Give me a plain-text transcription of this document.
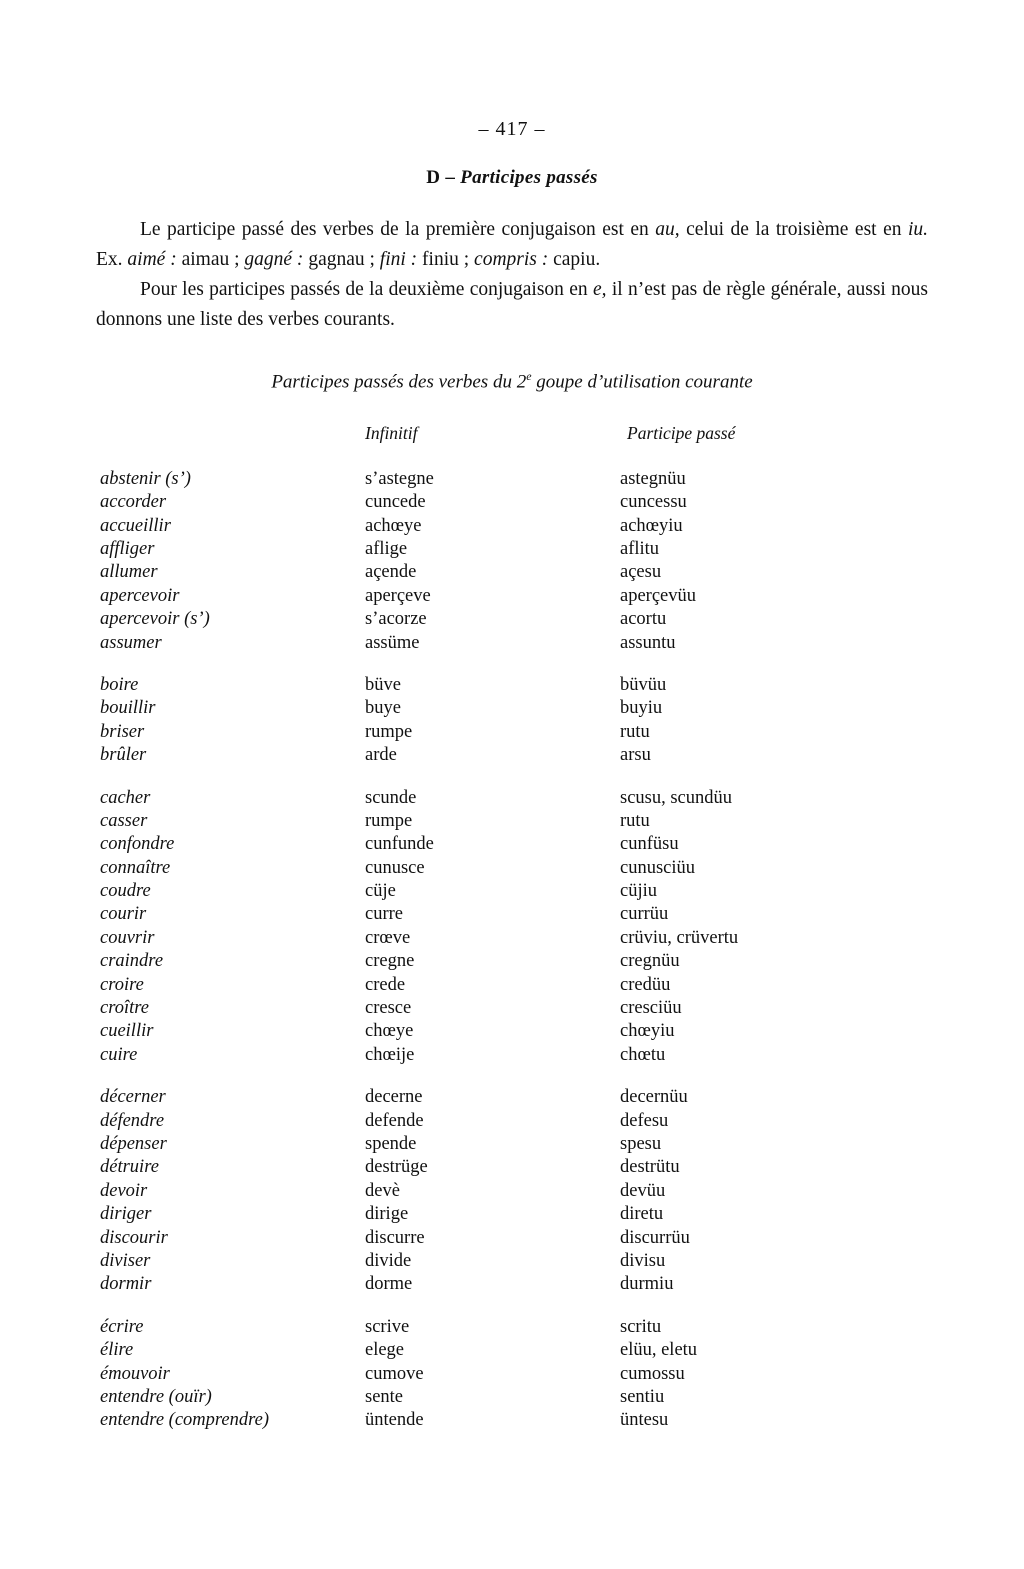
– 417 –
D – Participes passés

Le participe passé des verbes de la première conjugaison est en au, celui de la troisième est en iu. Ex. aimé : aimau ; gagné : gagnau ; fini : finiu ; compris : capiu.

Pour les participes passés de la deuxième conjugaison en e, il n’est pas de règle générale, aussi nous donnons une liste des verbes courants.

Participes passés des verbes du 2e goupe d’utilisation courante
Infinitif	Participe passé
abstenir (s’)	s’astegne	astegnüu
accorder	cuncede	cuncessu
accueillir	achœye	achœyiu
affliger	aflige	aflitu
allumer	açende	açesu
apercevoir	aperçeve	aperçevüu
apercevoir (s’)	s’acorze	acortu
assumer	assüme	assuntu
boire	büve	büvüu
bouillir	buye	buyiu
briser	rumpe	rutu
brûler	arde	arsu
cacher	scunde	scusu, scundüu
casser	rumpe	rutu
confondre	cunfunde	cunfüsu
connaître	cunusce	cunusciüu
coudre	cüje	cüjiu
courir	curre	currüu
couvrir	crœve	crüviu, crüvertu
craindre	cregne	cregnüu
croire	crede	credüu
croître	cresce	cresciüu
cueillir	chœye	chœyiu
cuire	chœije	chœtu
décerner	decerne	decernüu
défendre	defende	defesu
dépenser	spende	spesu
détruire	destrüge	destrütu
devoir	devè	devüu
diriger	dirige	diretu
discourir	discurre	discurrüu
diviser	divide	divisu
dormir	dorme	durmiu
écrire	scrive	scritu
élire	elege	elüu, eletu
émouvoir	cumove	cumossu
entendre (ouïr)	sente	sentiu
entendre (comprendre)	üntende	üntesu
